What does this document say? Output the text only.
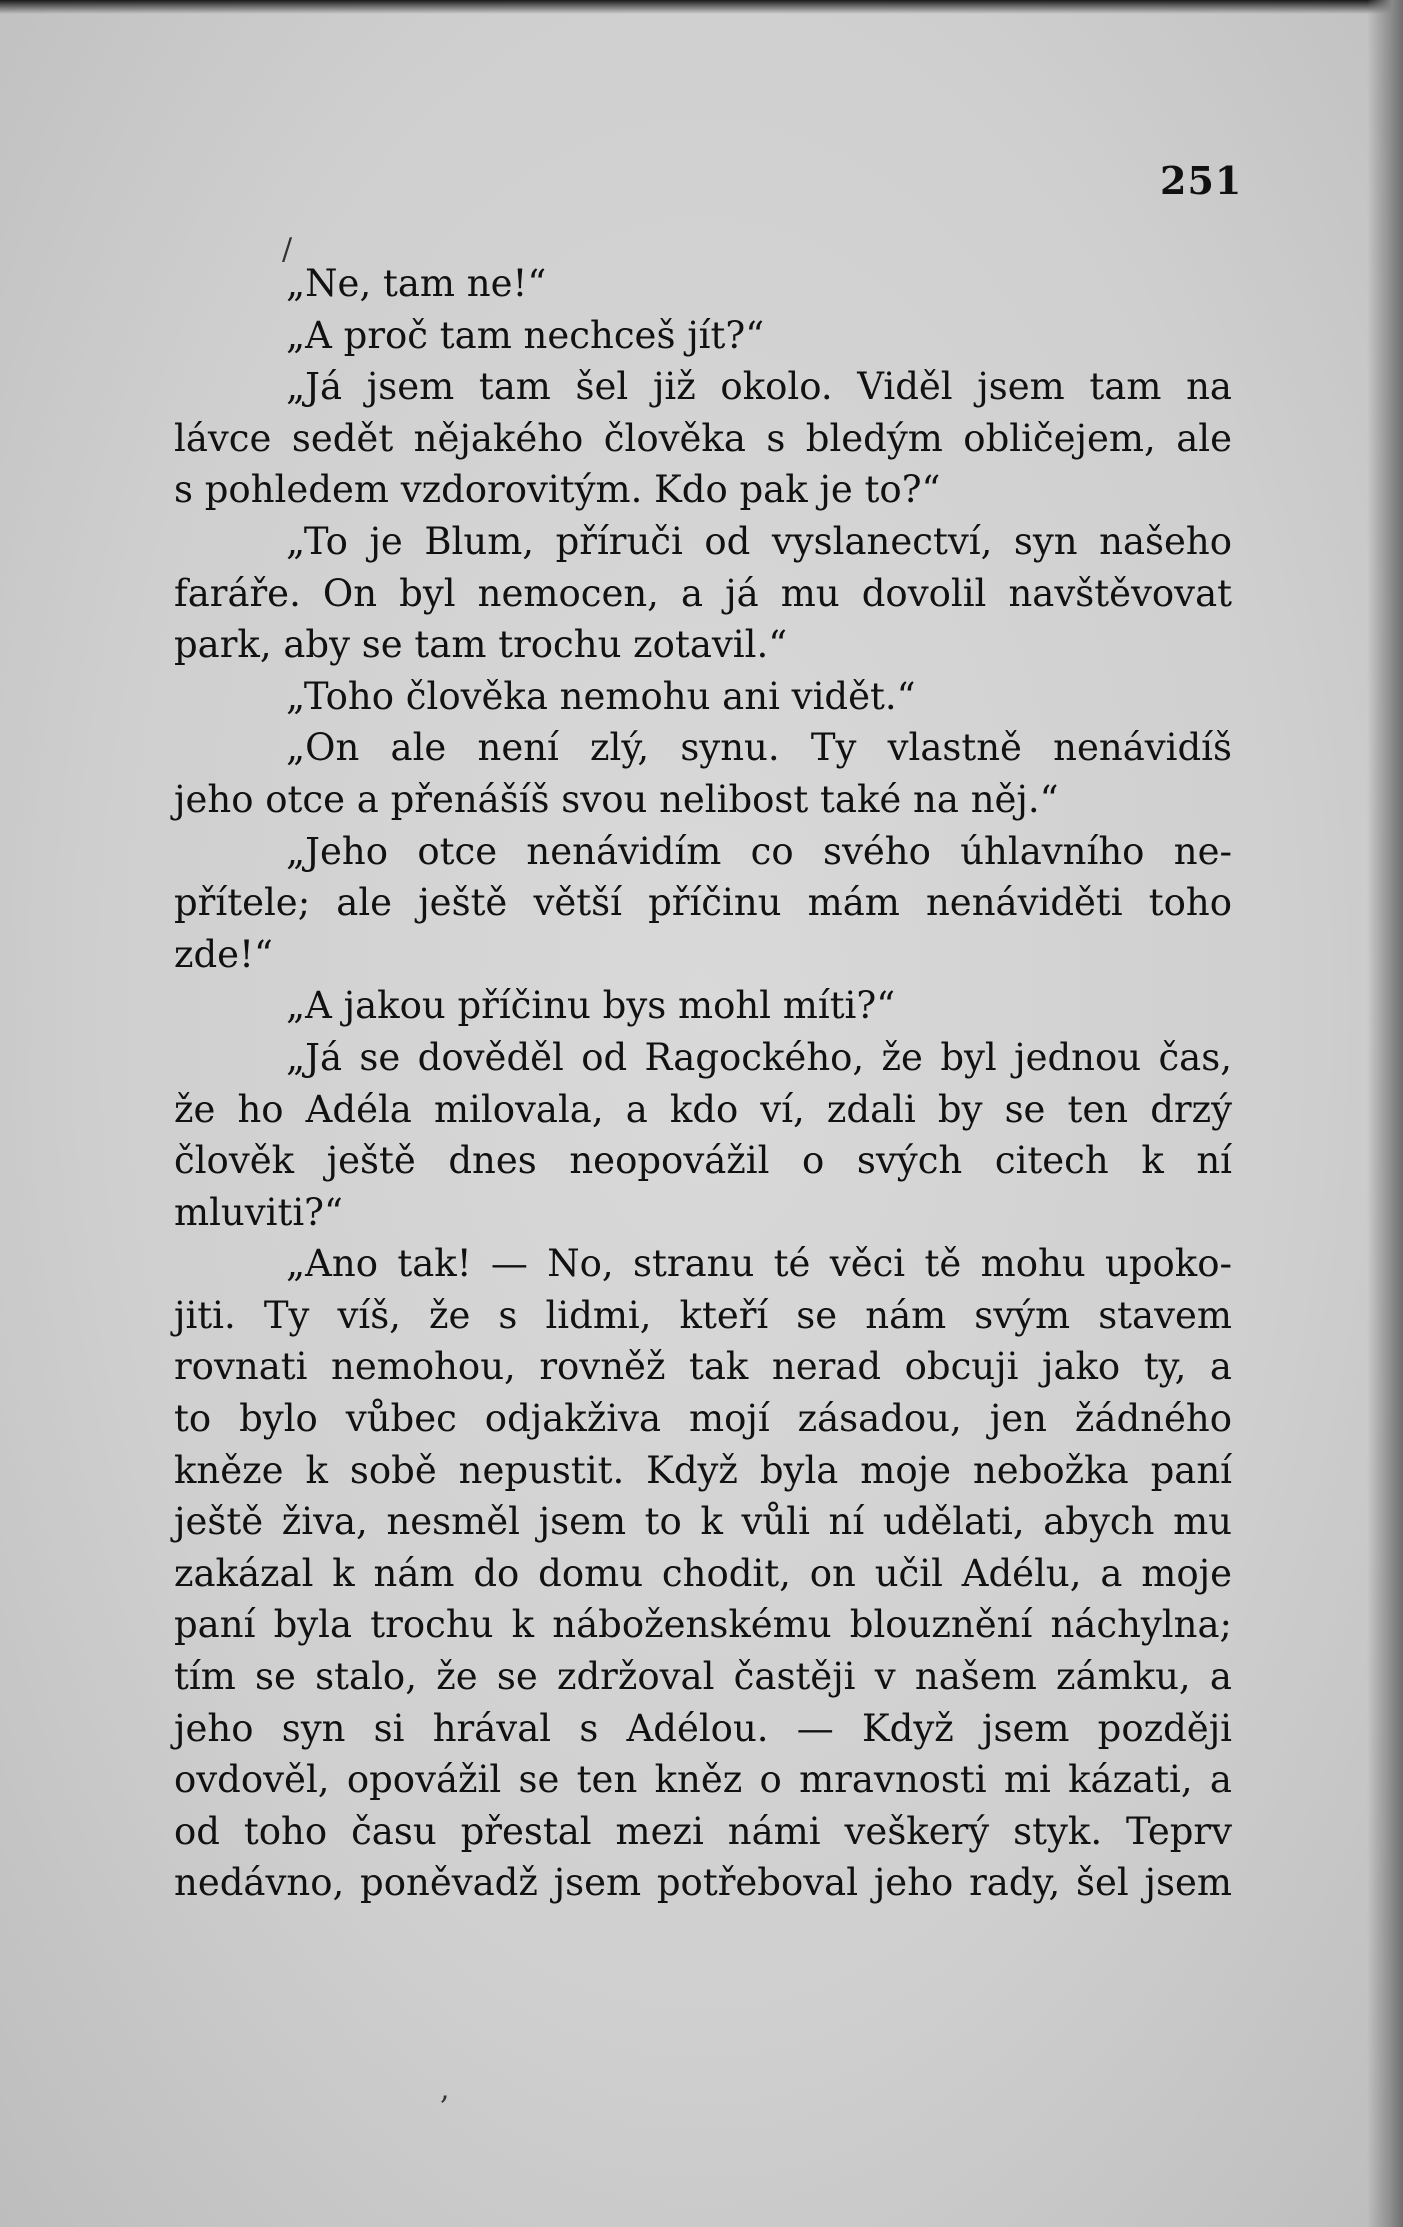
251
„Ne, tam ne!“
„A proč tam nechceš jít?“
„Já jsem tam šel již okolo. Viděl jsem tam na
lávce sedět nějakého člověka s bledým obličejem, ale
s pohledem vzdorovitým. Kdo pak je to?“
„To je Blum, příruči od vyslanectví, syn našeho
faráře. On byl nemocen, a já mu dovolil navštěvovat
park, aby se tam trochu zotavil.“
„Toho člověka nemohu ani vidět.“
„On ale není zlý, synu. Ty vlastně nenávidíš
jeho otce a přenášíš svou nelibost také na něj.“
„Jeho otce nenávidím co svého úhlavního ne-
přítele; ale ještě větší příčinu mám nenáviděti toho
zde!“
„A jakou příčinu bys mohl míti?“
„Já se dověděl od Ragockého, že byl jednou čas,
že ho Adéla milovala, a kdo ví, zdali by se ten drzý
člověk ještě dnes neopovážil o svých citech k ní
mluviti?“
„Ano tak! — No, stranu té věci tě mohu upoko-
jiti. Ty víš, že s lidmi, kteří se nám svým stavem
rovnati nemohou, rovněž tak nerad obcuji jako ty, a
to bylo vůbec odjakživa mojí zásadou, jen žádného
kněze k sobě nepustit. Když byla moje nebožka paní
ještě živa, nesměl jsem to k vůli ní udělati, abych mu
zakázal k nám do domu chodit, on učil Adélu, a moje
paní byla trochu k náboženskému blouznění náchylna;
tím se stalo, že se zdržoval častěji v našem zámku, a
jeho syn si hrával s Adélou. — Když jsem později
ovdověl, opovážil se ten kněz o mravnosti mi kázati, a
od toho času přestal mezi námi veškerý styk. Teprv
nedávno, poněvadž jsem potřeboval jeho rady, šel jsem
/
,
